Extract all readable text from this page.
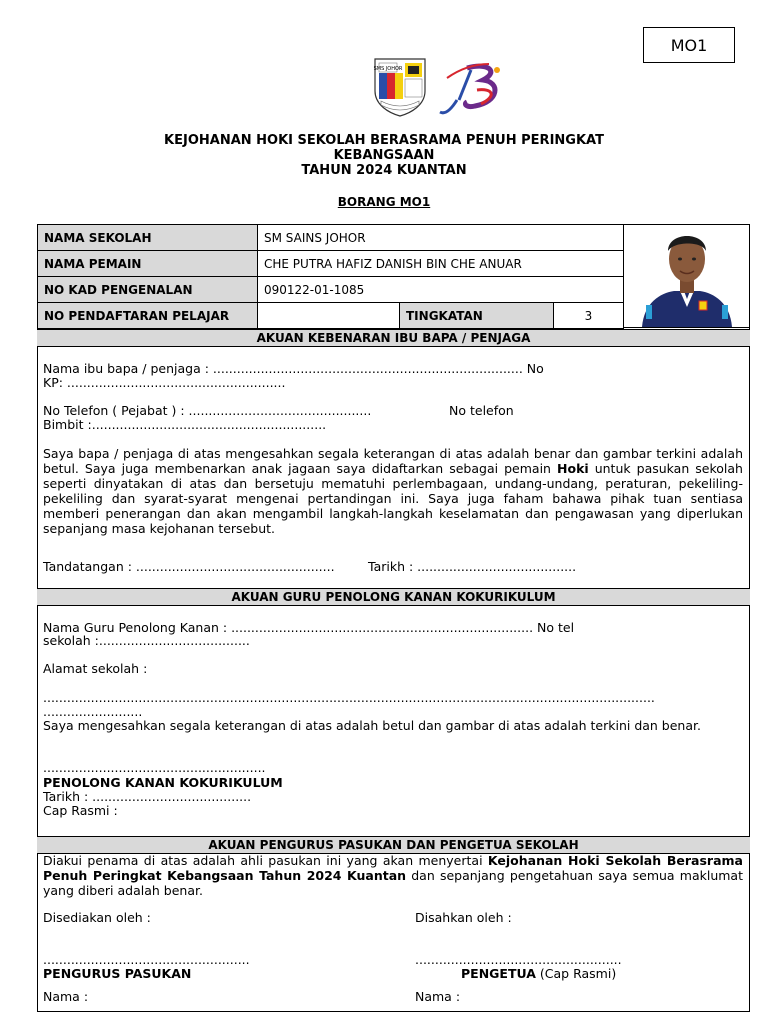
MO1
SMS JOHOR
KEJOHANAN HOKI SEKOLAH BERASRAMA PENUH PERINGKAT
KEBANGSAAN
TAHUN 2024 KUANTAN
BORANG MO1
NAMA SEKOLAH	SM SAINS JOHOR		
NAMA PEMAIN	CHE PUTRA HAFIZ DANISH BIN CHE ANUAR		
NO KAD PENGENALAN	090122-01-1085		
NO PENDAFTARAN PELAJAR		TINGKATAN	3
AKUAN KEBENARAN IBU BAPA / PENJAGA
Nama ibu bapa / penjaga : .............................................................................. No
KP: .......................................................
No Telefon ( Pejabat ) : ..............................................	No telefon
Bimbit :...........................................................
Saya bapa / penjaga di atas mengesahkan segala keterangan di atas adalah benar dan gambar terkini adalah betul. Saya juga membenarkan anak jagaan saya didaftarkan sebagai pemain Hoki untuk pasukan sekolah seperti dinyatakan di atas dan bersetuju mematuhi perlembagaan, undang-undang, peraturan, pekeliling-pekeliling dan syarat-syarat mengenai pertandingan ini. Saya juga faham bahawa pihak tuan sentiasa memberi penerangan dan akan mengambil langkah-langkah keselamatan dan pengawasan yang diperlukan sepanjang masa kejohanan tersebut.
Tandatangan : ..................................................	Tarikh : ........................................
AKUAN GURU PENOLONG KANAN KOKURIKULUM
Nama Guru Penolong Kanan : ............................................................................ No tel
sekolah :......................................
Alamat sekolah :
..........................................................................................................................................................
.........................
Saya mengesahkan segala keterangan di atas adalah betul dan gambar di atas adalah terkini dan benar.
........................................................
PENOLONG KANAN KOKURIKULUM
Tarikh : ........................................
Cap Rasmi :
AKUAN PENGURUS PASUKAN DAN PENGETUA SEKOLAH
Diakui penama di atas adalah ahli pasukan ini yang akan menyertai Kejohanan Hoki Sekolah Berasrama Penuh Peringkat Kebangsaan Tahun 2024 Kuantan dan sepanjang pengetahuan saya semua maklumat yang diberi adalah benar.
Disediakan oleh :	Disahkan oleh :
....................................................	....................................................
PENGURUS PASUKAN	PENGETUA (Cap Rasmi)
Nama :	Nama :
